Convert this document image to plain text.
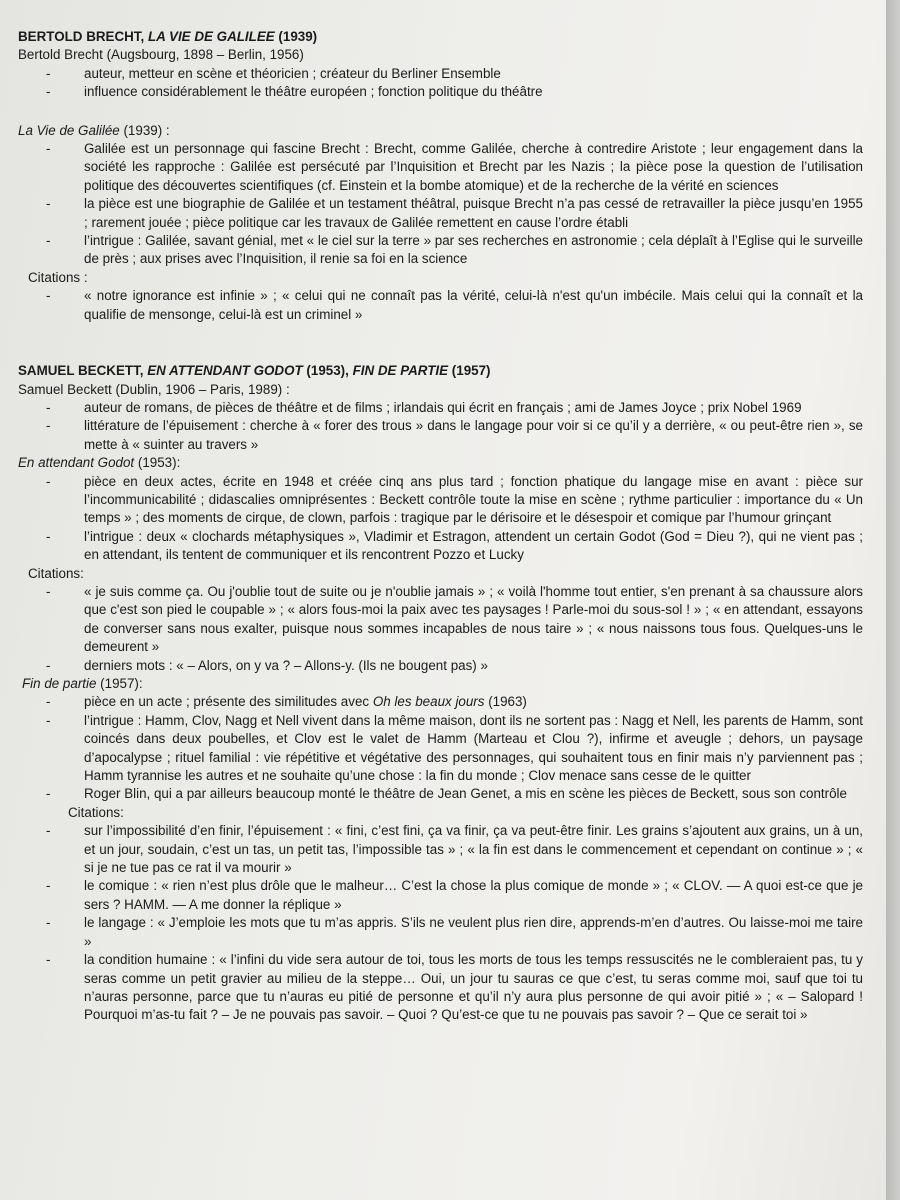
BERTOLD BRECHT, LA VIE DE GALILEE (1939)

Bertold Brecht (Augsbourg, 1898 – Berlin, 1956)

- auteur, metteur en scène et théoricien ; créateur du Berliner Ensemble
- influence considérablement le théâtre européen ; fonction politique du théâtre

La Vie de Galilée (1939) :

- Galilée est un personnage qui fascine Brecht : Brecht, comme Galilée, cherche à contredire Aristote ; leur engagement dans la société les rapproche : Galilée est persécuté par l’Inquisition et Brecht par les Nazis ; la pièce pose la question de l’utilisation politique des découvertes scientifiques (cf. Einstein et la bombe atomique) et de la recherche de la vérité en sciences
- la pièce est une biographie de Galilée et un testament théâtral, puisque Brecht n’a pas cessé de retravailler la pièce jusqu’en 1955 ; rarement jouée ; pièce politique car les travaux de Galilée remettent en cause l’ordre établi
- l’intrigue : Galilée, savant génial, met « le ciel sur la terre » par ses recherches en astronomie ; cela déplaît à l’Eglise qui le surveille de près ; aux prises avec l’Inquisition, il renie sa foi en la science

Citations :

- « notre ignorance est infinie » ; « celui qui ne connaît pas la vérité, celui-là n'est qu'un imbécile. Mais celui qui la connaît et la qualifie de mensonge, celui-là est un criminel »

SAMUEL BECKETT, EN ATTENDANT GODOT (1953), FIN DE PARTIE (1957)

Samuel Beckett (Dublin, 1906 – Paris, 1989) :

- auteur de romans, de pièces de théâtre et de films ; irlandais qui écrit en français ; ami de James Joyce ; prix Nobel 1969
- littérature de l’épuisement : cherche à « forer des trous » dans le langage pour voir si ce qu’il y a derrière, « ou peut-être rien », se mette à « suinter au travers »

En attendant Godot (1953):

- pièce en deux actes, écrite en 1948 et créée cinq ans plus tard ; fonction phatique du langage mise en avant : pièce sur l’incommunicabilité ; didascalies omniprésentes : Beckett contrôle toute la mise en scène ; rythme particulier : importance du « Un temps » ; des moments de cirque, de clown, parfois : tragique par le dérisoire et le désespoir et comique par l’humour grinçant
- l’intrigue : deux « clochards métaphysiques », Vladimir et Estragon, attendent un certain Godot (God = Dieu ?), qui ne vient pas ; en attendant, ils tentent de communiquer et ils rencontrent Pozzo et Lucky

Citations:

- « je suis comme ça. Ou j'oublie tout de suite ou je n'oublie jamais » ; « voilà l'homme tout entier, s'en prenant à sa chaussure alors que c'est son pied le coupable » ; « alors fous-moi la paix avec tes paysages ! Parle-moi du sous-sol ! » ; « en attendant, essayons de converser sans nous exalter, puisque nous sommes incapables de nous taire » ; « nous naissons tous fous. Quelques-uns le demeurent »
- derniers mots : « – Alors, on y va ? – Allons-y. (Ils ne bougent pas) »

Fin de partie (1957):

- pièce en un acte ; présente des similitudes avec Oh les beaux jours (1963)
- l’intrigue : Hamm, Clov, Nagg et Nell vivent dans la même maison, dont ils ne sortent pas : Nagg et Nell, les parents de Hamm, sont coincés dans deux poubelles, et Clov est le valet de Hamm (Marteau et Clou ?), infirme et aveugle ; dehors, un paysage d’apocalypse ; rituel familial : vie répétitive et végétative des personnages, qui souhaitent tous en finir mais n’y parviennent pas ; Hamm tyrannise les autres et ne souhaite qu’une chose : la fin du monde ; Clov menace sans cesse de le quitter
- Roger Blin, qui a par ailleurs beaucoup monté le théâtre de Jean Genet, a mis en scène les pièces de Beckett, sous son contrôle

Citations:

- sur l’impossibilité d’en finir, l’épuisement : « fini, c’est fini, ça va finir, ça va peut-être finir. Les grains s’ajoutent aux grains, un à un, et un jour, soudain, c’est un tas, un petit tas, l’impossible tas » ; « la fin est dans le commencement et cependant on continue » ; « si je ne tue pas ce rat il va mourir »
- le comique : « rien n’est plus drôle que le malheur… C’est la chose la plus comique de monde » ; « CLOV. — A quoi est-ce que je sers ? HAMM. — A me donner la réplique »
- le langage : « J’emploie les mots que tu m’as appris. S’ils ne veulent plus rien dire, apprends-m’en d’autres. Ou laisse-moi me taire »
- la condition humaine : « l’infini du vide sera autour de toi, tous les morts de tous les temps ressuscités ne le combleraient pas, tu y seras comme un petit gravier au milieu de la steppe… Oui, un jour tu sauras ce que c’est, tu seras comme moi, sauf que toi tu n’auras personne, parce que tu n’auras eu pitié de personne et qu’il n’y aura plus personne de qui avoir pitié » ; « – Salopard ! Pourquoi m’as-tu fait ? – Je ne pouvais pas savoir. – Quoi ? Qu’est-ce que tu ne pouvais pas savoir ? – Que ce serait toi »
